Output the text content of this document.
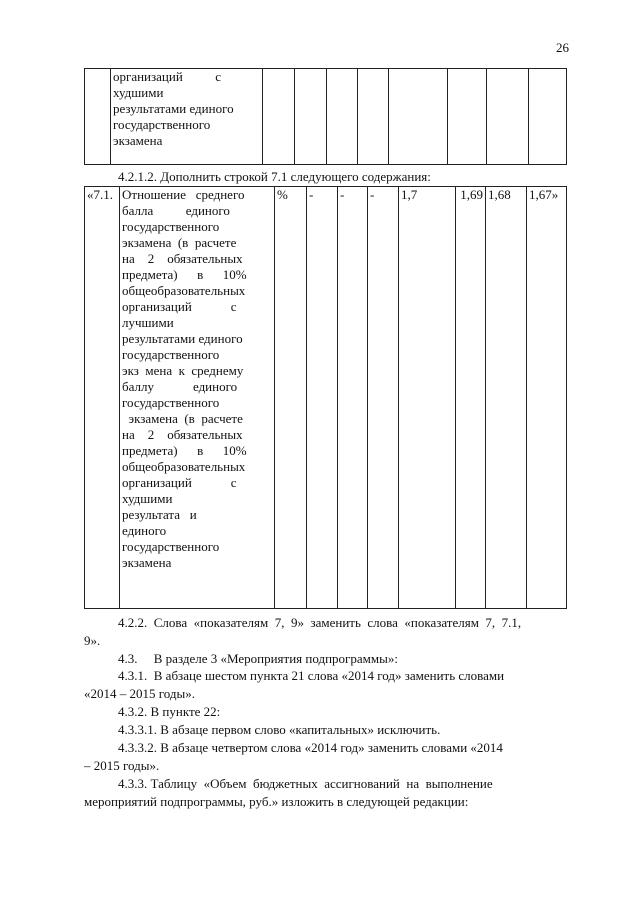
26

организаций          с
худшими
результатами единого
государственного
экзамена

4.2.1.2. Дополнить строкой 7.1 следующего содержания:
«7.1.	Отношение   среднего
балла          единого
государственного
экзамена  (в  расчете
на    2    обязательных
предмета)      в      10%
общеобразовательных
организаций            с
лучшими
результатами единого
государственного
экз  мена  к  среднему
баллу            единого
государственного
экзамена  (в  расчете
на    2    обязательных
предмета)      в      10%
общеобразовательных
организаций            с
худшими
результата   и
единого
государственного
экзамена
	%	-	-	-	1,7	1,69	1,68	1,67»
4.2.2.  Слова  «показателям  7,  9»  заменить  слова  «показателям  7,  7.1,
9».
4.3.     В разделе 3 «Мероприятия подпрограммы»:
4.3.1.  В абзаце шестом пункта 21 слова «2014 год» заменить словами
«2014 – 2015 годы».
4.3.2. В пункте 22:
4.3.3.1. В абзаце первом слово «капитальных» исключить.
4.3.3.2. В абзаце четвертом слова «2014 год» заменить словами «2014
– 2015 годы».
4.3.3. Таблицу  «Объем  бюджетных  ассигнований  на  выполнение
мероприятий подпрограммы, руб.» изложить в следующей редакции:
